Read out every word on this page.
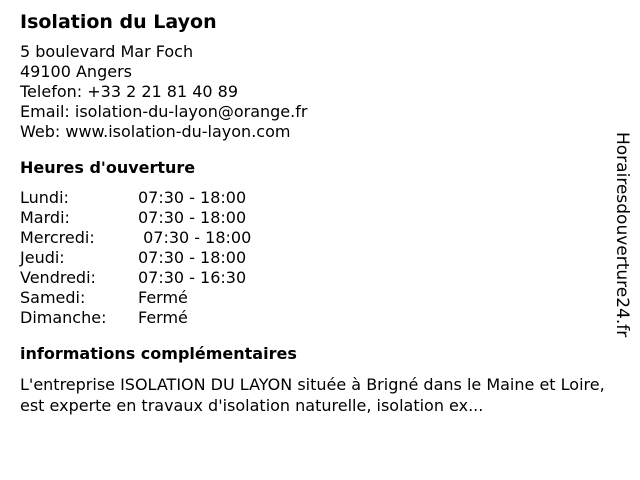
Isolation du Layon
5 boulevard Mar Foch
49100 Angers
Telefon: +33 2 21 81 40 89
Email: isolation-du-layon@orange.fr
Web: www.isolation-du-layon.com
Heures d'ouverture
Lundi:	07:30 - 18:00
Mardi:	07:30 - 18:00
Mercredi:	07:30 - 18:00
Jeudi:	07:30 - 18:00
Vendredi:	07:30 - 16:30
Samedi:	Fermé
Dimanche:	Fermé
informations complémentaires
L'entreprise ISOLATION DU LAYON située à Brigné dans le Maine et Loire, est experte en travaux d'isolation naturelle, isolation ex...
Horairesdouverture24.fr
